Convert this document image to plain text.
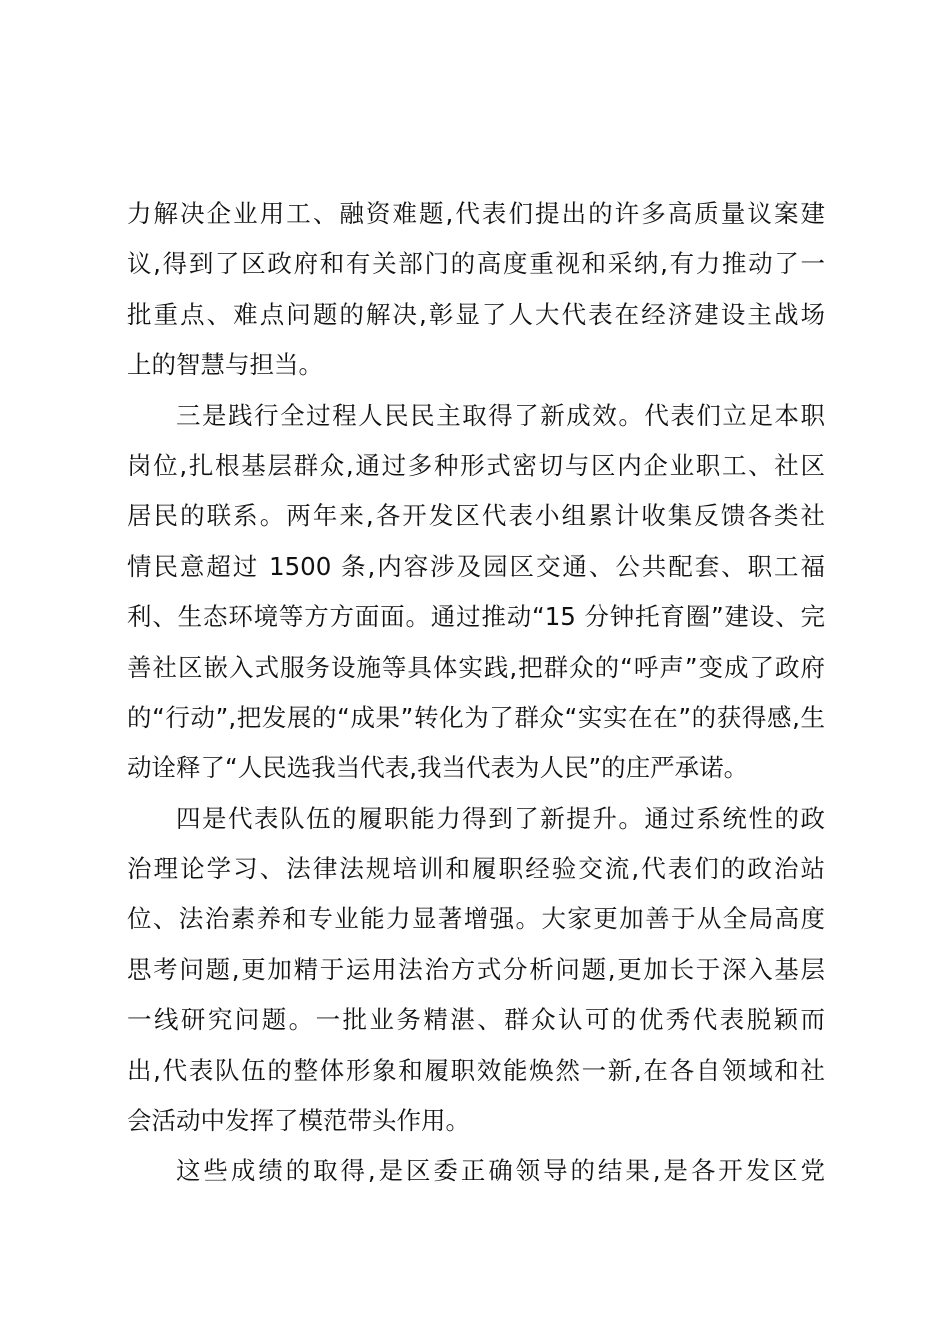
力解决企业用工、融资难题,代表们提出的许多高质量议案建
议,得到了区政府和有关部门的高度重视和采纳,有力推动了一
批重点、难点问题的解决,彰显了人大代表在经济建设主战场
上的智慧与担当。
三是践行全过程人民民主取得了新成效。代表们立足本职
岗位,扎根基层群众,通过多种形式密切与区内企业职工、社区
居民的联系。两年来,各开发区代表小组累计收集反馈各类社
情民意超过 1500 条,内容涉及园区交通、公共配套、职工福
利、生态环境等方方面面。通过推动“15 分钟托育圈”建设、完
善社区嵌入式服务设施等具体实践,把群众的“呼声”变成了政府
的“行动”,把发展的“成果”转化为了群众“实实在在”的获得感,生
动诠释了“人民选我当代表,我当代表为人民”的庄严承诺。
四是代表队伍的履职能力得到了新提升。通过系统性的政
治理论学习、法律法规培训和履职经验交流,代表们的政治站
位、法治素养和专业能力显著增强。大家更加善于从全局高度
思考问题,更加精于运用法治方式分析问题,更加长于深入基层
一线研究问题。一批业务精湛、群众认可的优秀代表脱颖而
出,代表队伍的整体形象和履职效能焕然一新,在各自领域和社
会活动中发挥了模范带头作用。
这些成绩的取得,是区委正确领导的结果,是各开发区党
